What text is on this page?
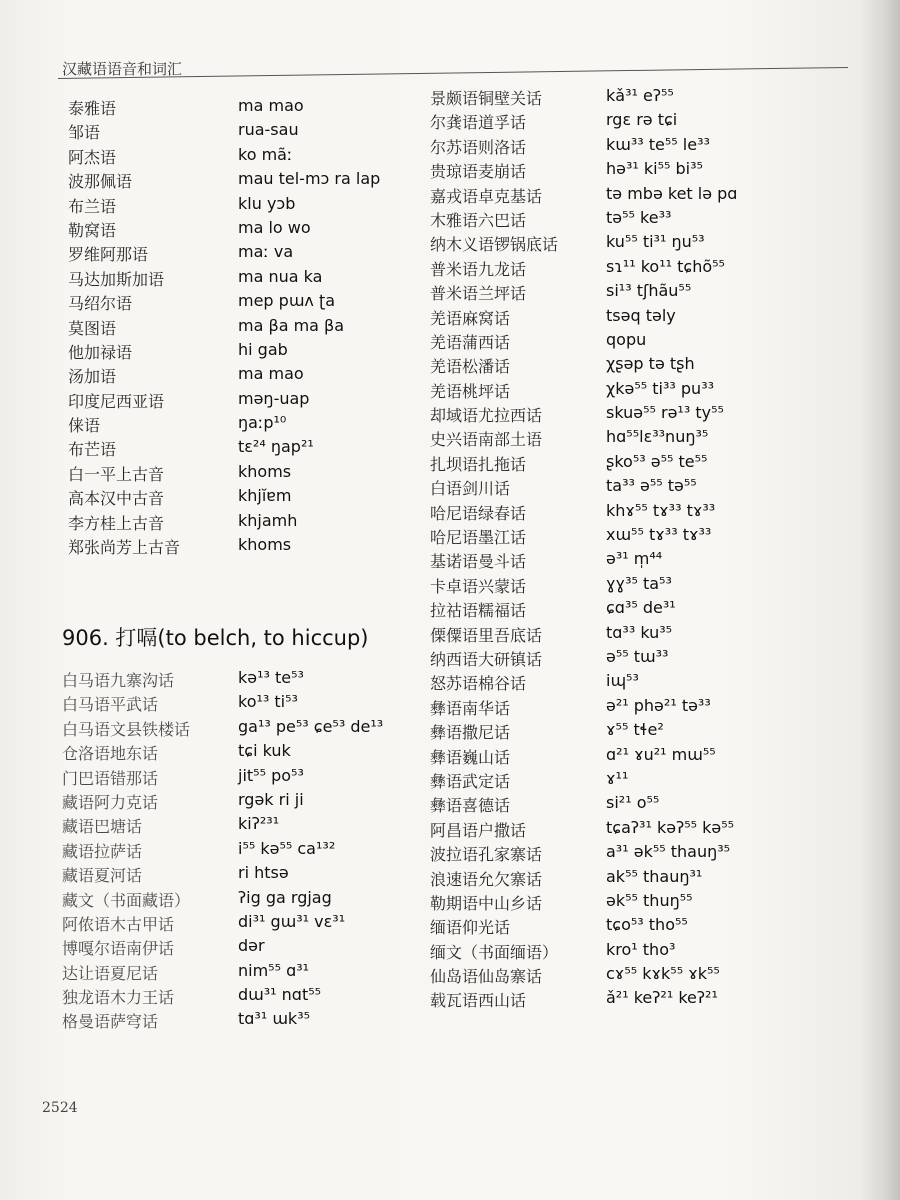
汉藏语语音和词汇
泰雅语	ma mao
邹语	rua-sau
阿杰语	ko mãː
波那佩语	mau tel-mɔ ra lap
布兰语	klu yɔb
勒窝语	ma lo wo
罗维阿那语	maː va
马达加斯加语	ma nua ka
马绍尔语	mep pɯʌ ʈa
莫图语	ma βa ma βa
他加禄语	hi gab
汤加语	ma mao
印度尼西亚语	məŋ-uap
俫语	ŋaːp¹⁰
布芒语	tɛ²⁴ ŋap²¹
白一平上古音	khoms
高本汉中古音	khjĭɐm
李方桂上古音	khjamh
郑张尚芳上古音	khoms
906. 打嗝(to belch, to hiccup)
白马语九寨沟话	kə¹³ te⁵³
白马语平武话	ko¹³ ti⁵³
白马语文县铁楼话	ga¹³ pe⁵³ ɕe⁵³ de¹³
仓洛语地东话	tɕi kuk
门巴语错那话	jit⁵⁵ po⁵³
藏语阿力克话	rgək ri ji
藏语巴塘话	kiʔ²³¹
藏语拉萨话	i⁵⁵ kə⁵⁵ ca¹³²
藏语夏河话	ri htsə
藏文（书面藏语）	ʔig ga rgjag
阿侬语木古甲话	di³¹ gɯ³¹ vɛ³¹
博嘎尔语南伊话	dər
达让语夏尼话	nim⁵⁵ ɑ³¹
独龙语木力王话	dɯ³¹ nɑt⁵⁵
格曼语萨穹话	tɑ³¹ ɯk³⁵
景颇语铜壁关话	kǎ³¹ eʔ⁵⁵
尔龚语道孚话	rgɛ rə tɕi
尔苏语则洛话	kɯ³³ te⁵⁵ le³³
贵琼语麦崩话	hə³¹ ki⁵⁵ bi³⁵
嘉戎语卓克基话	tə mbə ket lə pɑ
木雅语六巴话	tə⁵⁵ ke³³
纳木义语锣锅底话	ku⁵⁵ ti³¹ ŋu⁵³
普米语九龙话	sɿ¹¹ ko¹¹ tɕhõ⁵⁵
普米语兰坪话	si¹³ tʃhãu⁵⁵
羌语麻窝话	tsəq təly
羌语蒲西话	qopu
羌语松潘话	χʂəp tə tʂh
羌语桃坪话	χkə⁵⁵ ti³³ pu³³
却域语尤拉西话	skuə⁵⁵ rə¹³ ty⁵⁵
史兴语南部土语	hɑ⁵⁵lɛ³³nuŋ³⁵
扎坝语扎拖话	ʂko⁵³ ə⁵⁵ te⁵⁵
白语剑川话	ta³³ ə⁵⁵ tə⁵⁵
哈尼语绿春话	khɤ⁵⁵ tɤ³³ tɤ³³
哈尼语墨江话	xɯ⁵⁵ tɤ³³ tɤ³³
基诺语曼斗话	ə³¹ m̩⁴⁴
卡卓语兴蒙话	ɣɣ³⁵ ta⁵³
拉祜语糯福话	ɕɑ³⁵ de³¹
傈僳语里吾底话	tɑ³³ ku³⁵
纳西语大研镇话	ə⁵⁵ tɯ³³
怒苏语棉谷话	iɰ⁵³
彝语南华话	ə²¹ phə²¹ tə³³
彝语撒尼话	ɤ⁵⁵ tɬe²
彝语巍山话	ɑ²¹ ɤu²¹ mɯ⁵⁵
彝语武定话	ɤ¹¹
彝语喜德话	si²¹ o⁵⁵
阿昌语户撒话	tɕaʔ³¹ kəʔ⁵⁵ kə⁵⁵
波拉语孔家寨话	a³¹ ək⁵⁵ thauŋ³⁵
浪速语允欠寨话	ak⁵⁵ thauŋ³¹
勒期语中山乡话	ək⁵⁵ thuŋ⁵⁵
缅语仰光话	tɕo⁵³ tho⁵⁵
缅文（书面缅语）	kro¹ tho³
仙岛语仙岛寨话	cɤ⁵⁵ kɤk⁵⁵ ɤk⁵⁵
载瓦语西山话	ǎ²¹ keʔ²¹ keʔ²¹
2524
